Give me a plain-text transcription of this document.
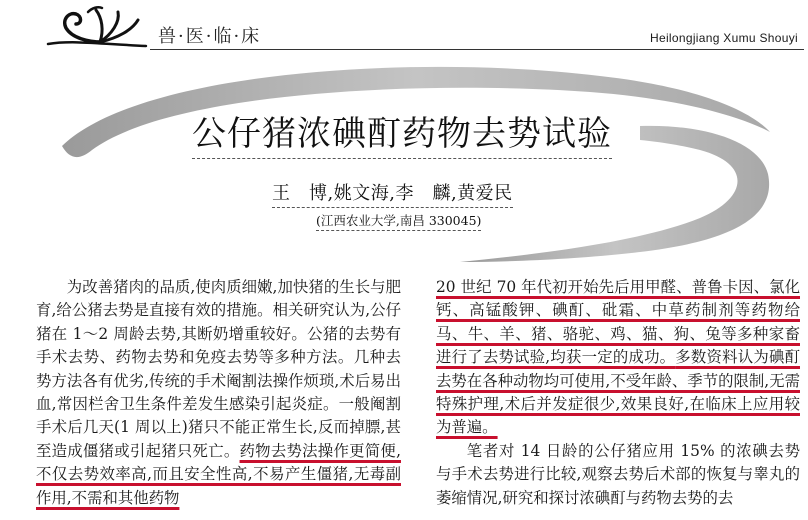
兽·医·临·床	Heilongjiang Xumu Shouyi
公仔猪浓碘酊药物去势试验
王　博,姚文海,李　麟,黄爱民
(江西农业大学,南昌 330045)

为改善猪肉的品质,使肉质细嫩,加快猪的生长与肥育,给公猪去势是直接有效的措施。相关研究认为,公仔猪在 1～2 周龄去势,其断奶增重较好。公猪的去势有手术去势、药物去势和免疫去势等多种方法。几种去势方法各有优劣,传统的手术阉割法操作烦琐,术后易出血,常因栏舍卫生条件差发生感染引起炎症。一般阉割手术后几天(1 周以上)猪只不能正常生长,反而掉膘,甚至造成僵猪或引起猪只死亡。药物去势法操作更简便,不仅去势效率高,而且安全性高,不易产生僵猪,无毒副作用,不需和其他药物

20 世纪 70 年代初开始先后用甲醛、普鲁卡因、氯化钙、高锰酸钾、碘酊、砒霜、中草药制剂等药物给马、牛、羊、猪、骆驼、鸡、猫、狗、兔等多种家畜进行了去势试验,均获一定的成功。多数资料认为碘酊去势在各种动物均可使用,不受年龄、季节的限制,无需特殊护理,术后并发症很少,效果良好,在临床上应用较为普遍。

笔者对 14 日龄的公仔猪应用 15% 的浓碘去势与手术去势进行比较,观察去势后术部的恢复与睾丸的萎缩情况,研究和探讨浓碘酊与药物去势的去
